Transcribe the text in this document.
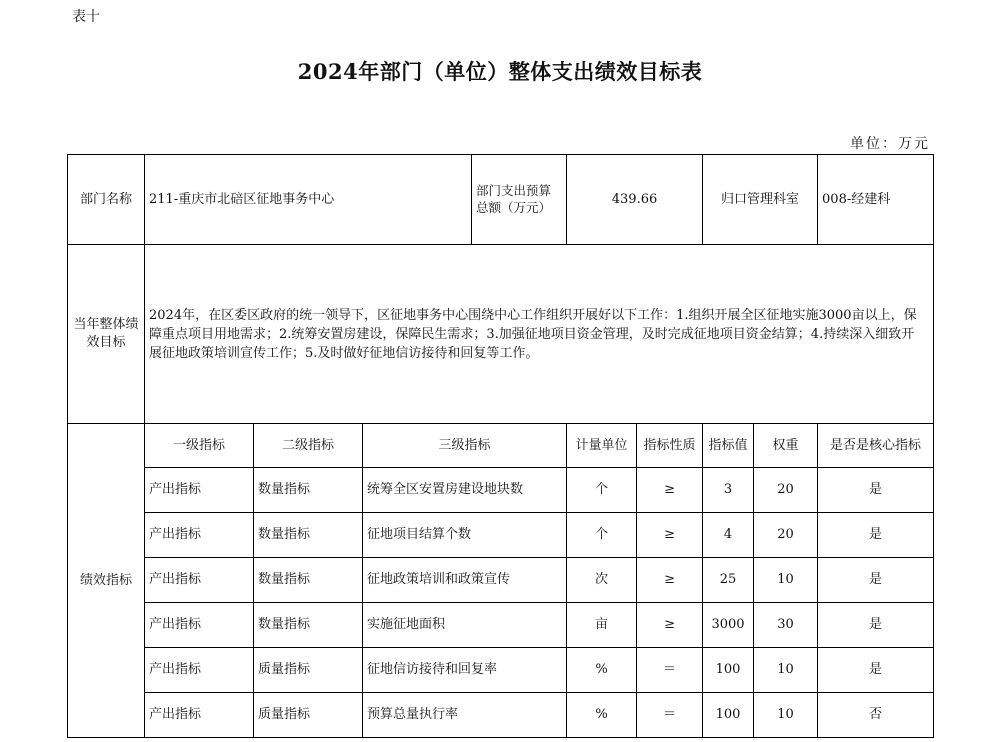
表十
2024年部门（单位）整体支出绩效目标表
单位：万元
部门名称	211-重庆市北碚区征地事务中心			部门支出预算总额（万元）	439.66		归口管理科室		008-经建科
当年整体绩效目标	2024年，在区委区政府的统一领导下，区征地事务中心围绕中心工作组织开展好以下工作：1.组织开展全区征地实施3000亩以上，保障重点项目用地需求；2.统筹安置房建设，保障民生需求；3.加强征地项目资金管理，及时完成征地项目资金结算；4.持续深入细致开展征地政策培训宣传工作；5.及时做好征地信访接待和回复等工作。								
绩效指标	一级指标	二级指标	三级指标		计量单位	指标性质	指标值	权重	是否是核心指标
	产出指标	数量指标	统筹全区安置房建设地块数		个	≥	3	20	是
	产出指标	数量指标	征地项目结算个数		个	≥	4	20	是
	产出指标	数量指标	征地政策培训和政策宣传		次	≥	25	10	是
	产出指标	数量指标	实施征地面积		亩	≥	3000	30	是
	产出指标	质量指标	征地信访接待和回复率		%	＝	100	10	是
	产出指标	质量指标	预算总量执行率		%	＝	100	10	否
